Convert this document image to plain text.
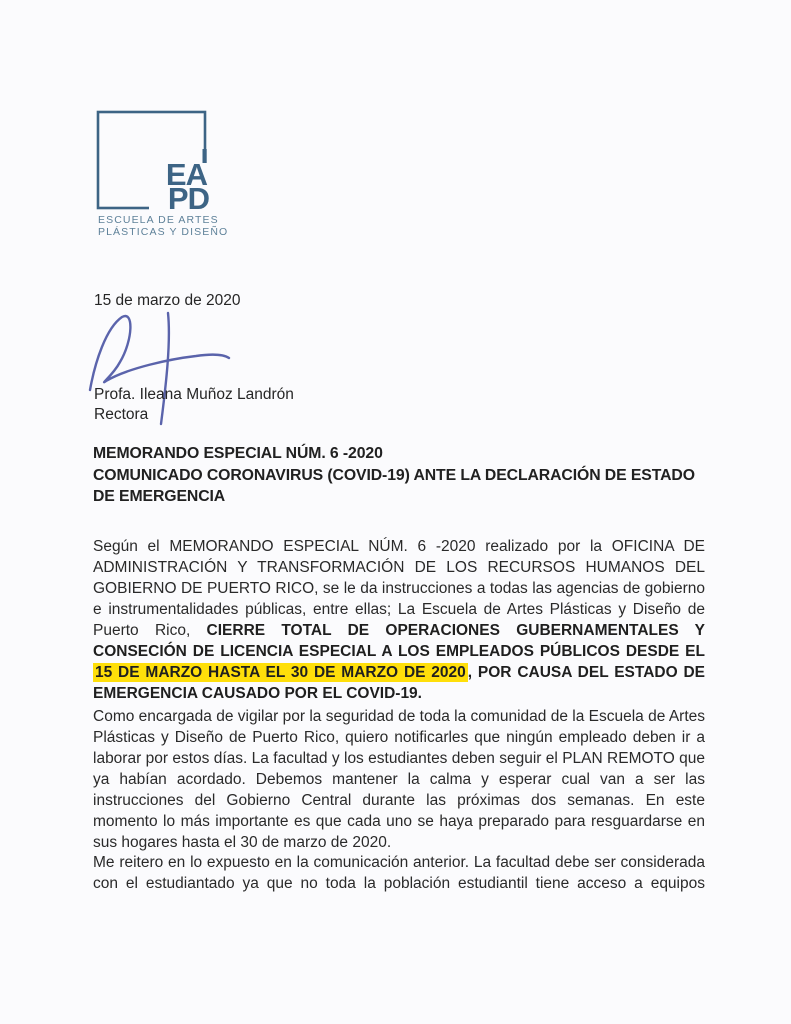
EA
PD
ESCUELA DE ARTES
PLÁSTICAS Y DISEÑO
15 de marzo de 2020
Profa. Ileana Muñoz Landrón
Rectora
MEMORANDO ESPECIAL NÚM. 6 -2020
COMUNICADO CORONAVIRUS (COVID-19) ANTE LA DECLARACIÓN DE ESTADO
DE EMERGENCIA
Según el MEMORANDO ESPECIAL NÚM. 6 -2020 realizado por la OFICINA DE ADMINISTRACIÓN Y TRANSFORMACIÓN DE LOS RECURSOS HUMANOS DEL GOBIERNO DE PUERTO RICO, se le da instrucciones a todas las agencias de gobierno e instrumentalidades públicas, entre ellas; La Escuela de Artes Plásticas y Diseño de Puerto Rico, CIERRE TOTAL DE OPERACIONES GUBERNAMENTALES Y CONSECIÓN DE LICENCIA ESPECIAL A LOS EMPLEADOS PÚBLICOS DESDE EL 15 DE MARZO HASTA EL 30 DE MARZO DE 2020 , POR CAUSA DEL ESTADO DE EMERGENCIA CAUSADO POR EL COVID-19.
Como encargada de vigilar por la seguridad de toda la comunidad de la Escuela de Artes Plásticas y Diseño de Puerto Rico, quiero notificarles que ningún empleado deben ir a laborar por estos días. La facultad y los estudiantes deben seguir el PLAN REMOTO que ya habían acordado. Debemos mantener la calma y esperar cual van a ser las instrucciones del Gobierno Central durante las próximas dos semanas. En este momento lo más importante es que cada uno se haya preparado para resguardarse en sus hogares hasta el 30 de marzo de 2020.
Me reitero en lo expuesto en la comunicación anterior. La facultad debe ser considerada con el estudiantado ya que no toda la población estudiantil tiene acceso a equipos
